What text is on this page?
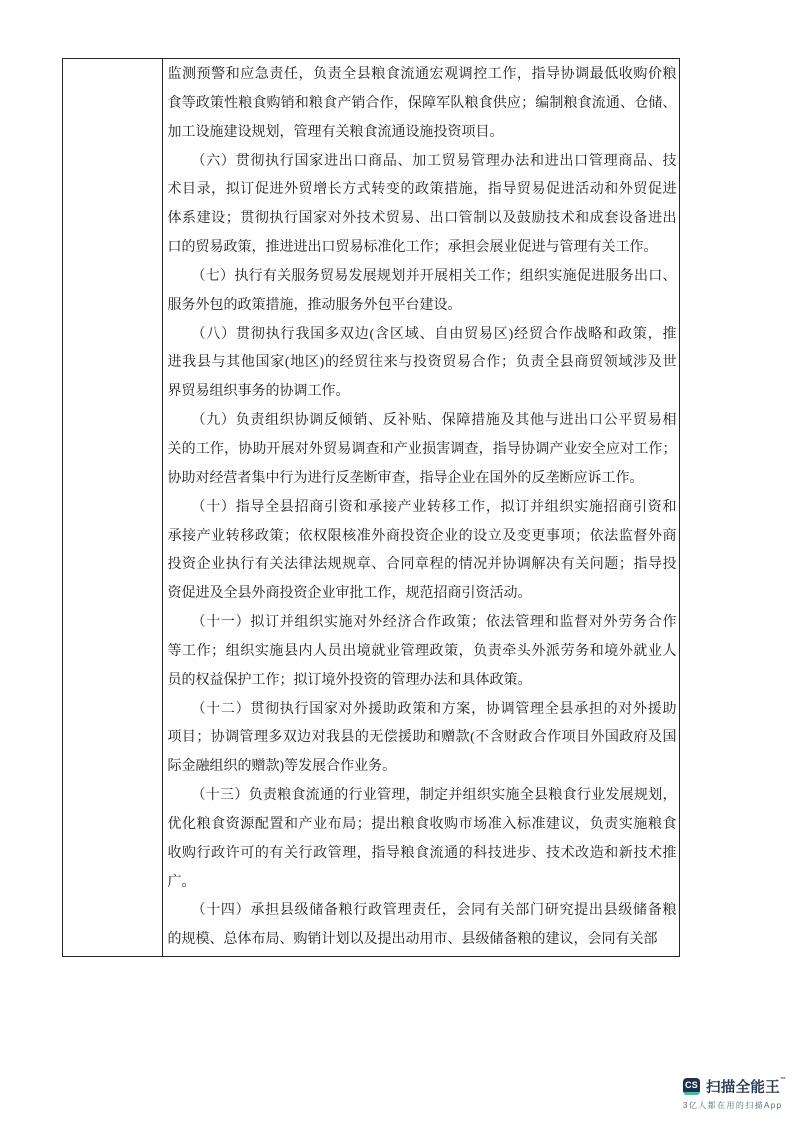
监测预警和应急责任，负责全县粮食流通宏观调控工作，指导协调最低收购价粮
食等政策性粮食购销和粮食产销合作，保障军队粮食供应；编制粮食流通、仓储、
加工设施建设规划，管理有关粮食流通设施投资项目。
（六）贯彻执行国家进出口商品、加工贸易管理办法和进出口管理商品、技
术目录，拟订促进外贸增长方式转变的政策措施，指导贸易促进活动和外贸促进
体系建设；贯彻执行国家对外技术贸易、出口管制以及鼓励技术和成套设备进出
口的贸易政策，推进进出口贸易标准化工作；承担会展业促进与管理有关工作。
（七）执行有关服务贸易发展规划并开展相关工作；组织实施促进服务出口、
服务外包的政策措施，推动服务外包平台建设。
（八）贯彻执行我国多双边(含区域、自由贸易区)经贸合作战略和政策，推
进我县与其他国家(地区)的经贸往来与投资贸易合作；负责全县商贸领域涉及世
界贸易组织事务的协调工作。
（九）负责组织协调反倾销、反补贴、保障措施及其他与进出口公平贸易相
关的工作，协助开展对外贸易调查和产业损害调查，指导协调产业安全应对工作；
协助对经营者集中行为进行反垄断审查，指导企业在国外的反垄断应诉工作。
（十）指导全县招商引资和承接产业转移工作，拟订并组织实施招商引资和
承接产业转移政策；依权限核准外商投资企业的设立及变更事项；依法监督外商
投资企业执行有关法律法规规章、合同章程的情况并协调解决有关问题；指导投
资促进及全县外商投资企业审批工作，规范招商引资活动。
（十一）拟订并组织实施对外经济合作政策；依法管理和监督对外劳务合作
等工作；组织实施县内人员出境就业管理政策，负责牵头外派劳务和境外就业人
员的权益保护工作；拟订境外投资的管理办法和具体政策。
（十二）贯彻执行国家对外援助政策和方案，协调管理全县承担的对外援助
项目；协调管理多双边对我县的无偿援助和赠款(不含财政合作项目外国政府及国
际金融组织的赠款)等发展合作业务。
（十三）负责粮食流通的行业管理，制定并组织实施全县粮食行业发展规划，
优化粮食资源配置和产业布局；提出粮食收购市场准入标准建议，负责实施粮食
收购行政许可的有关行政管理，指导粮食流通的科技进步、技术改造和新技术推
广。
（十四）承担县级储备粮行政管理责任，会同有关部门研究提出县级储备粮
的规模、总体布局、购销计划以及提出动用市、县级储备粮的建议，会同有关部
CS 扫描全能王™
3亿人都在用的扫描App
